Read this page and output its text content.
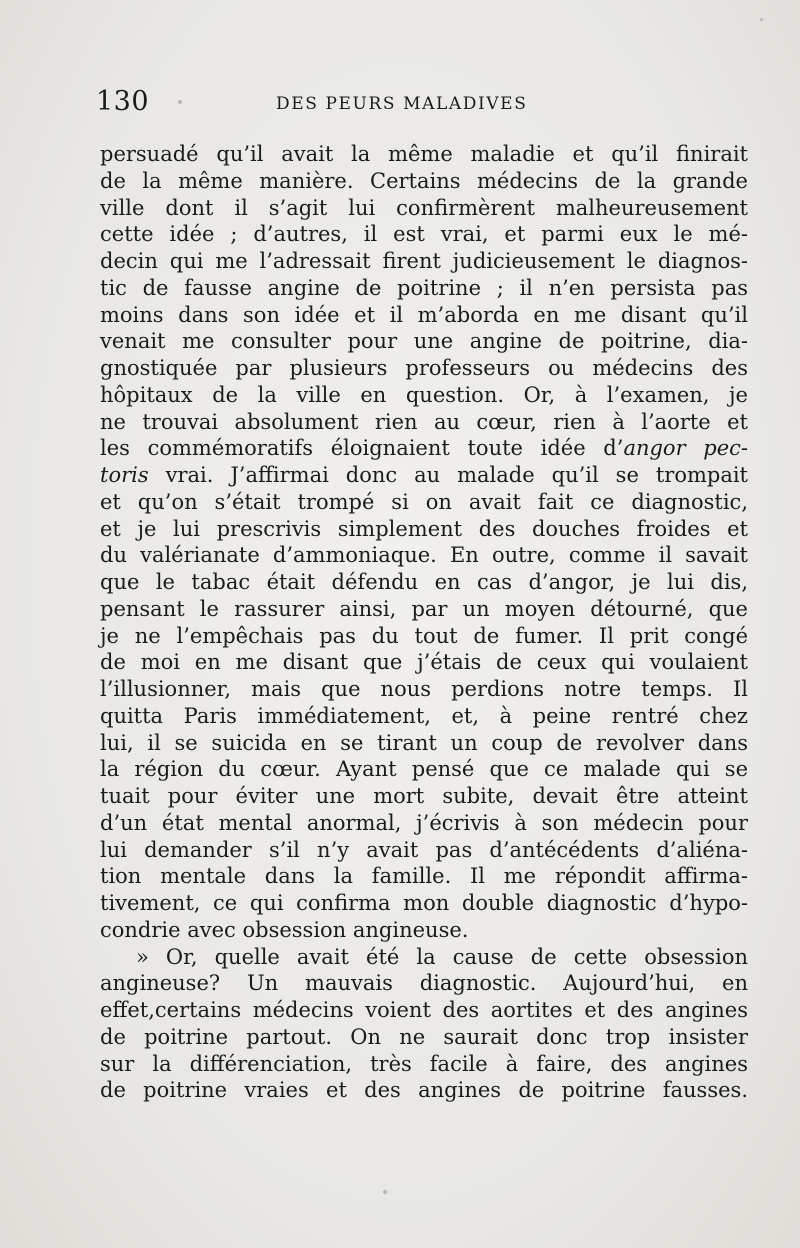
130	DES PEURS MALADIVES
persuadé qu’il avait la même maladie et qu’il finirait
de la même manière. Certains médecins de la grande
ville dont il s’agit lui confirmèrent malheureusement
cette idée ; d’autres, il est vrai, et parmi eux le mé-
decin qui me l’adressait firent judicieusement le diagnos-
tic de fausse angine de poitrine ; il n’en persista pas
moins dans son idée et il m’aborda en me disant qu’il
venait me consulter pour une angine de poitrine, dia-
gnostiquée par plusieurs professeurs ou médecins des
hôpitaux de la ville en question. Or, à l’examen, je
ne trouvai absolument rien au cœur, rien à l’aorte et
les commémoratifs éloignaient toute idée d’angor pec-
toris vrai. J’affirmai donc au malade qu’il se trompait
et qu’on s’était trompé si on avait fait ce diagnostic,
et je lui prescrivis simplement des douches froides et
du valérianate d’ammoniaque. En outre, comme il savait
que le tabac était défendu en cas d’angor, je lui dis,
pensant le rassurer ainsi, par un moyen détourné, que
je ne l’empêchais pas du tout de fumer. Il prit congé
de moi en me disant que j’étais de ceux qui voulaient
l’illusionner, mais que nous perdions notre temps. Il
quitta Paris immédiatement, et, à peine rentré chez
lui, il se suicida en se tirant un coup de revolver dans
la région du cœur. Ayant pensé que ce malade qui se
tuait pour éviter une mort subite, devait être atteint
d’un état mental anormal, j’écrivis à son médecin pour
lui demander s’il n’y avait pas d’antécédents d’aliéna-
tion mentale dans la famille. Il me répondit affirma-
tivement, ce qui confirma mon double diagnostic d’hypo-
condrie avec obsession angineuse.
» Or, quelle avait été la cause de cette obsession
angineuse? Un mauvais diagnostic. Aujourd’hui, en
effet,certains médecins voient des aortites et des angines
de poitrine partout. On ne saurait donc trop insister
sur la différenciation, très facile à faire, des angines
de poitrine vraies et des angines de poitrine fausses.
